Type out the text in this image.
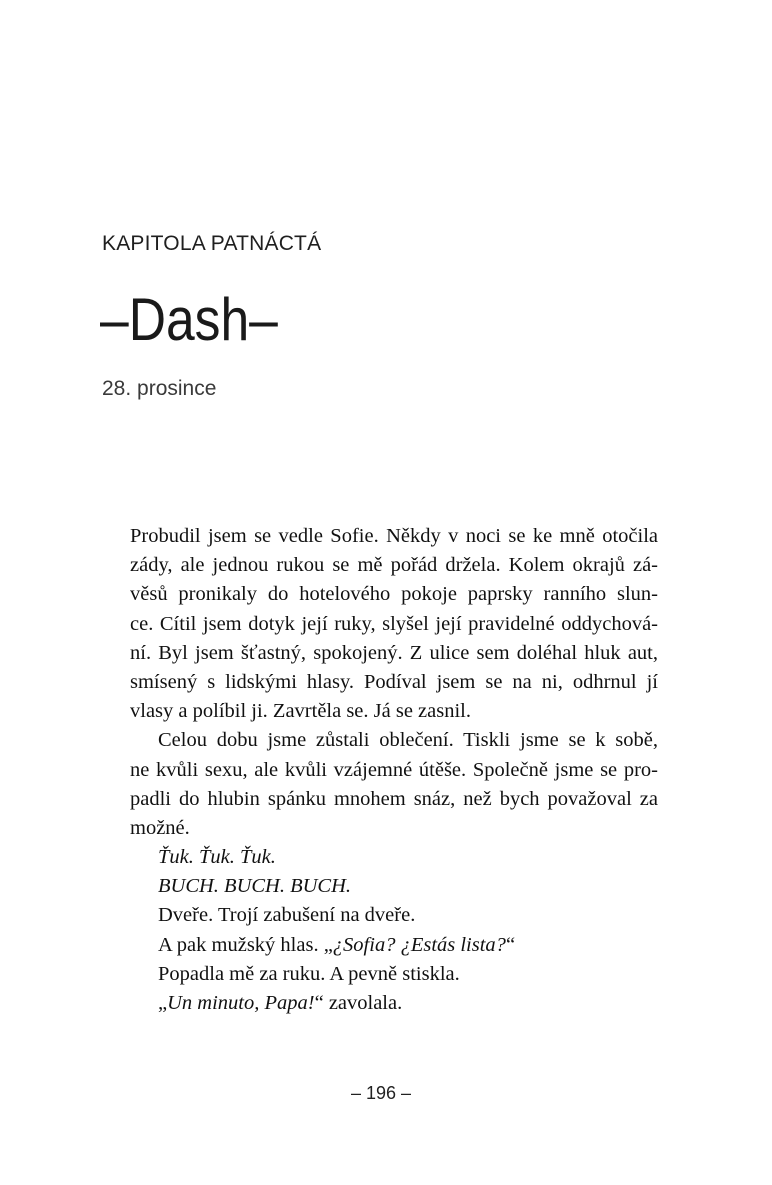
KAPITOLA PATNÁCTÁ
–Dash–
28. prosince
Probudil jsem se vedle Sofie. Někdy v noci se ke mně otočila
zády, ale jednou rukou se mě pořád držela. Kolem okrajů zá-
věsů pronikaly do hotelového pokoje paprsky ranního slun-
ce. Cítil jsem dotyk její ruky, slyšel její pravidelné oddychová-
ní. Byl jsem šťastný, spokojený. Z ulice sem doléhal hluk aut,
smísený s lidskými hlasy. Podíval jsem se na ni, odhrnul jí
vlasy a políbil ji. Zavrtěla se. Já se zasnil.
Celou dobu jsme zůstali oblečení. Tiskli jsme se k sobě,
ne kvůli sexu, ale kvůli vzájemné útěše. Společně jsme se pro-
padli do hlubin spánku mnohem snáz, než bych považoval za
možné.
Ťuk. Ťuk. Ťuk.
BUCH. BUCH. BUCH.
Dveře. Trojí zabušení na dveře.
A pak mužský hlas. „¿Sofia? ¿Estás lista?“
Popadla mě za ruku. A pevně stiskla.
„Un minuto, Papa!“ zavolala.
– 196 –
